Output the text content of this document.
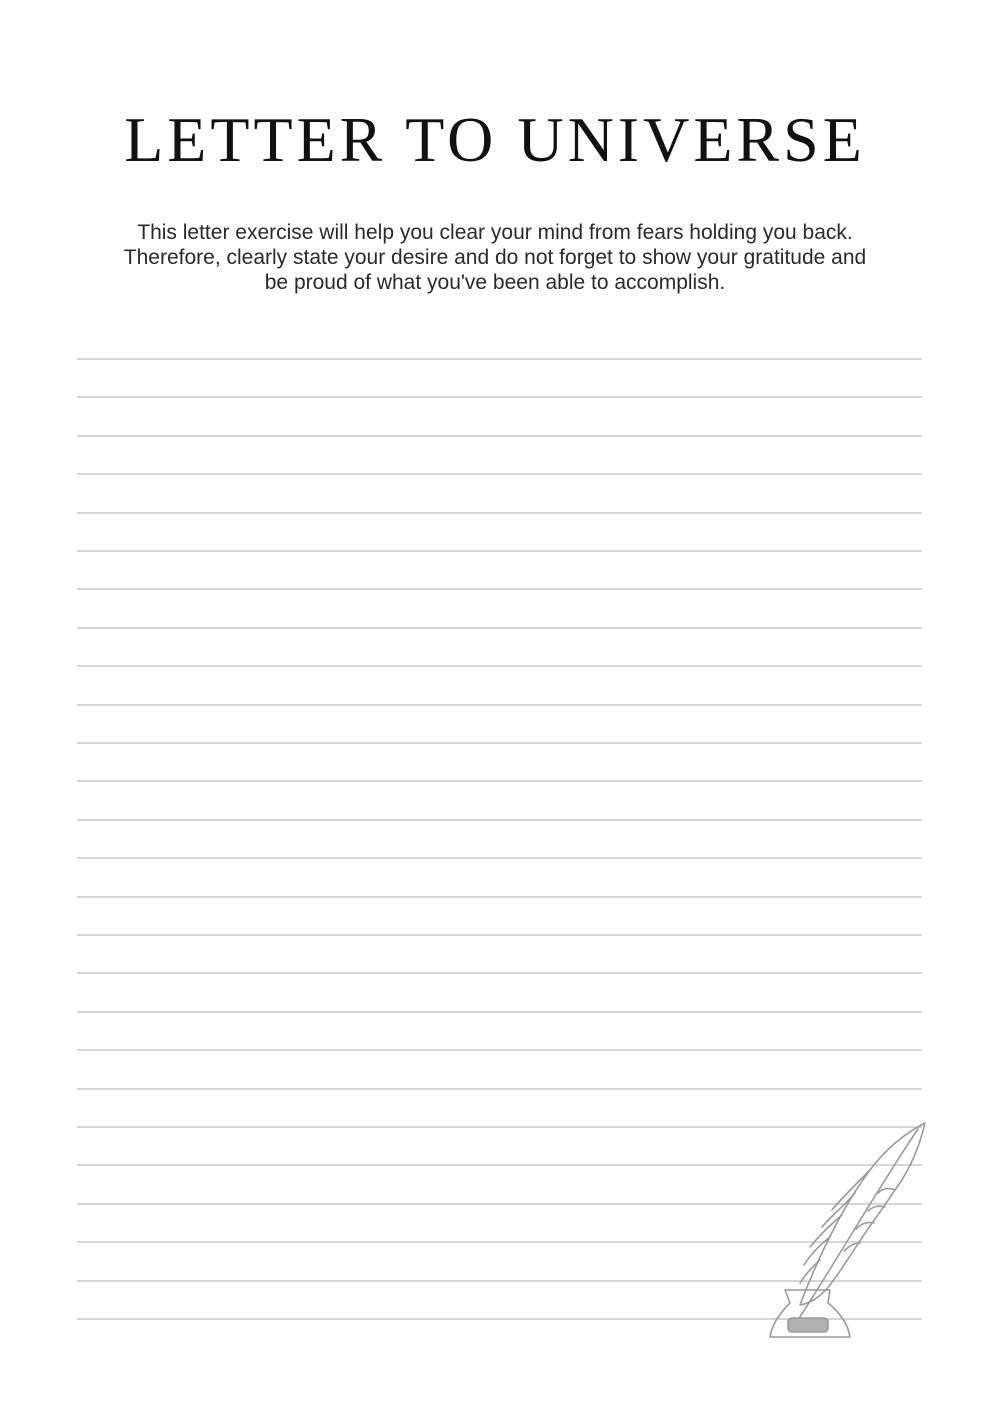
LETTER TO UNIVERSE

This letter exercise will help you clear your mind from fears holding you back.
Therefore, clearly state your desire and do not forget to show your gratitude and
be proud of what you've been able to accomplish.
